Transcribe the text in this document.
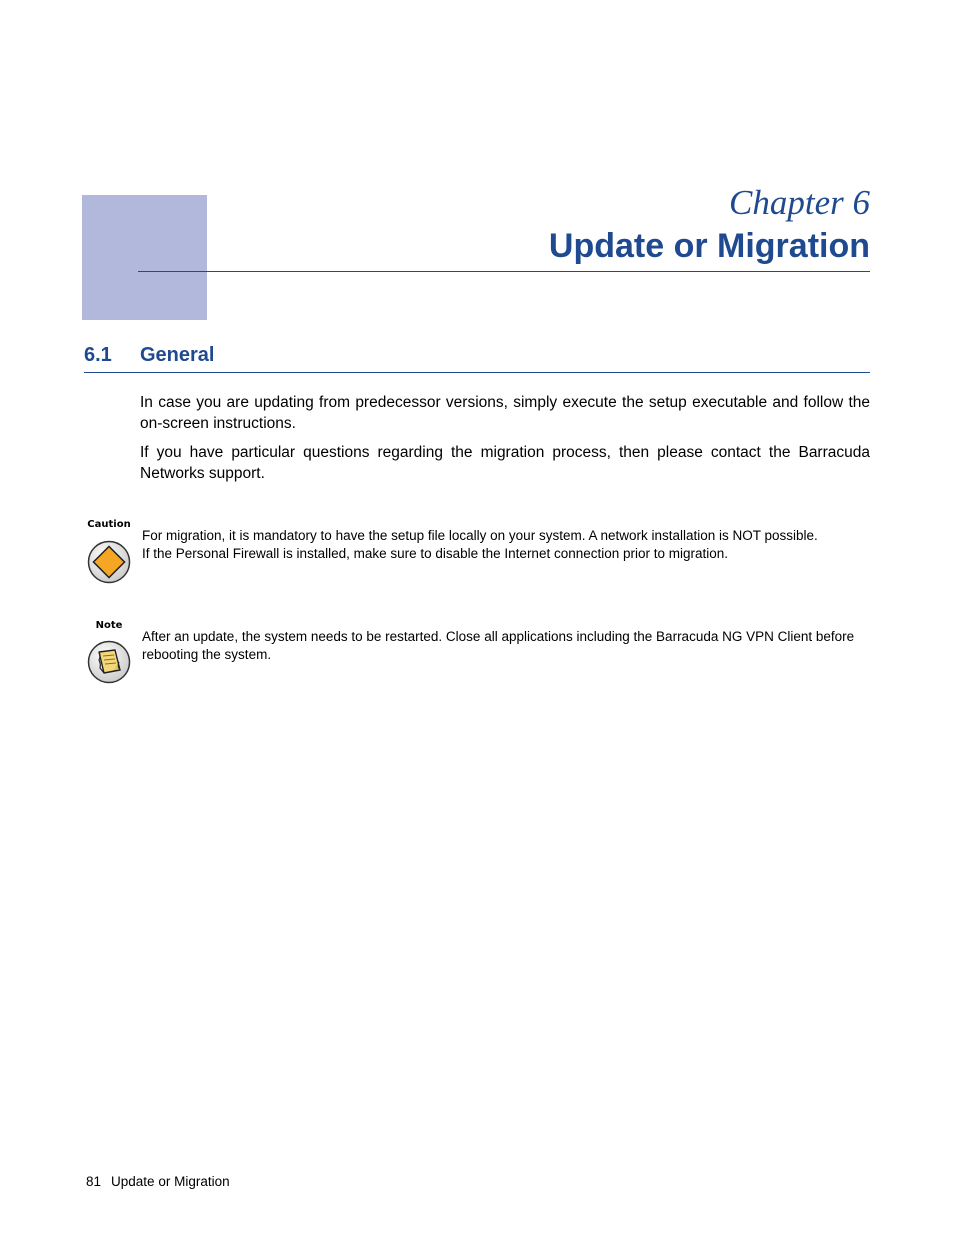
Chapter 6
Update or Migration
6.1 General

In case you are updating from predecessor versions, simply execute the setup executable and follow the on-screen instructions.

If you have particular questions regarding the migration process, then please contact the Barracuda Networks support.

Caution
For migration, it is mandatory to have the setup file locally on your system. A network installation is NOT possible.
If the Personal Firewall is installed, make sure to disable the Internet connection prior to migration.
Note
After an update, the system needs to be restarted. Close all applications including the Barracuda NG VPN Client before rebooting the system.
81 Update or Migration
